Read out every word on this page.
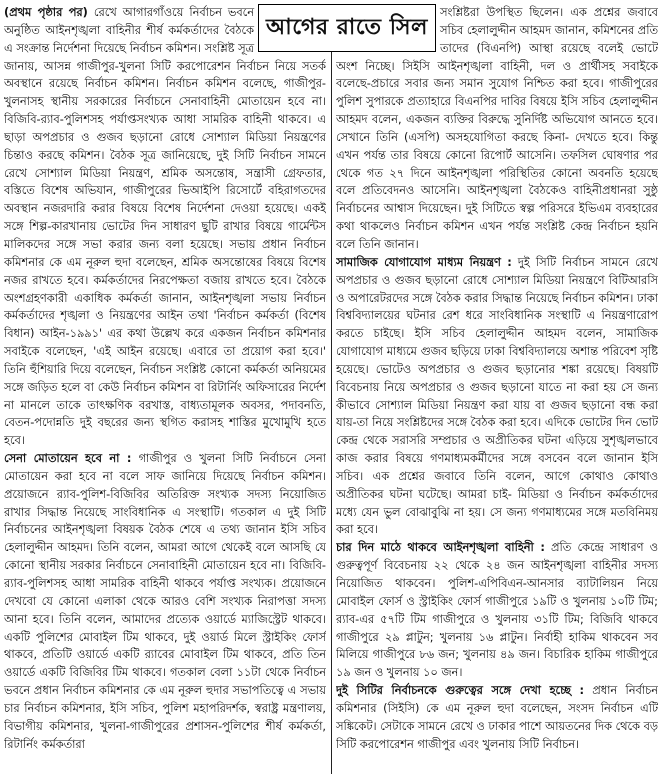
(প্রথম পৃষ্ঠার পর) রেখে আগারগাঁওয়ে নির্বাচন ভবনে অনুষ্ঠিত আইনশৃঙ্খলা বাহিনীর শীর্ষ কর্মকর্তাদের বৈঠকে এ সংক্রান্ত নির্দেশনা দিয়েছে নির্বাচন কমিশন। সংশ্লিষ্ট সূত্র জানায়, আসন্ন গাজীপুর-খুলনা সিটি করপোরেশন নির্বাচন নিয়ে সতর্ক অবস্থানে রয়েছে নির্বাচন কমিশন। নির্বাচন কমিশন বলেছে, গাজীপুর-খুলনাসহ স্থানীয় সরকারের নির্বাচনে সেনাবাহিনী মোতায়েন হবে না। বিজিবি-র‍্যাব-পুলিশসহ পর্যাপ্তসংখ্যক আধা সামরিক বাহিনী থাকবে। এ ছাড়া অপপ্রচার ও গুজব ছড়ানো রোধে সোশ্যাল মিডিয়া নিয়ন্ত্রণের চিন্তাও করছে কমিশন। বৈঠক সূত্র জানিয়েছে, দুই সিটি নির্বাচন সামনে রেখে সোশ্যাল মিডিয়া নিয়ন্ত্রণ, শ্রমিক অসন্তোষ, সন্ত্রাসী গ্রেফতার, বস্তিতে বিশেষ অভিযান, গাজীপুরের ভিআইপি রিসোর্টে বহিরাগতদের অবস্থান নজরদারি করার বিষয়ে বিশেষ নির্দেশনা দেওয়া হয়েছে। একই সঙ্গে শিল্প-কারখানায় ভোটের দিন সাধারণ ছুটি রাখার বিষয়ে গার্মেন্টস মালিকদের সঙ্গে সভা করার জন্য বলা হয়েছে। সভায় প্রধান নির্বাচন কমিশনার কে এম নূরুল হুদা বলেছেন, শ্রমিক অসন্তোষের বিষয়ে বিশেষ নজর রাখতে হবে। কর্মকর্তাদের নিরপেক্ষতা বজায় রাখতে হবে। বৈঠকে অংশগ্রহণকারী একাধিক কর্মকর্তা জানান, আইনশৃঙ্খলা সভায় নির্বাচন কর্মকর্তাদের শৃঙ্খলা ও নিয়ন্ত্রণের আইন তথা 'নির্বাচন কর্মকর্তা (বিশেষ বিধান) আইন-১৯৯১' এর কথা উল্লেখ করে একজন নির্বাচন কমিশনার সবাইকে বলেছেন, 'এই আইন রয়েছে। এবারে তা প্রয়োগ করা হবে।' তিনি হুঁশিয়ারি দিয়ে বলেছেন, নির্বাচন সংশ্লিষ্ট কোনো কর্মকর্তা অনিয়মের সঙ্গে জড়িত হলে বা কেউ নির্বাচন কমিশন বা রিটার্নিং অফিসারের নির্দেশ না মানলে তাকে তাৎক্ষণিক বরখাস্ত, বাধ্যতামূলক অবসর, পদাবনতি, বেতন-পদোন্নতি দুই বছরের জন্য স্থগিত করাসহ শাস্তির মুখোমুখি হতে হবে।

সেনা মোতায়েন হবে না : গাজীপুর ও খুলনা সিটি নির্বাচনে সেনা মোতায়েন করা হবে না বলে সাফ জানিয়ে দিয়েছে নির্বাচন কমিশন। প্রয়োজনে র‍্যাব-পুলিশ-বিজিবির অতিরিক্ত সংখ্যক সদস্য নিয়োজিত রাখার সিদ্ধান্ত নিয়েছে সাংবিধানিক এ সংস্থাটি। গতকাল এ দুই সিটি নির্বাচনের আইনশৃঙ্খলা বিষয়ক বৈঠক শেষে এ তথ্য জানান ইসি সচিব হেলালুদ্দীন আহমদ। তিনি বলেন, আমরা আগে থেকেই বলে আসছি যে কোনো স্থানীয় সরকার নির্বাচনে সেনাবাহিনী মোতায়েন হবে না। বিজিবি-র‍্যাব-পুলিশসহ আধা সামরিক বাহিনী থাকবে পর্যাপ্ত সংখ্যক। প্রয়োজনে দেখবো যে কোনো এলাকা থেকে আরও বেশি সংখ্যক নিরাপত্তা সদস্য আনা হবে। তিনি বলেন, আমাদের প্রত্যেক ওয়ার্ডে ম্যাজিস্ট্রেট থাকবে। একটি পুলিশের মোবাইল টিম থাকবে, দুই ওয়ার্ড মিলে স্ট্রাইকিং ফোর্স থাকবে, প্রতিটি ওয়ার্ডে একটি র‍্যাবের মোবাইল টিম থাকবে, প্রতি তিন ওয়ার্ডে একটি বিজিবির টিম থাকবে। গতকাল বেলা ১১টা থেকে নির্বাচন ভবনে প্রধান নির্বাচন কমিশনার কে এম নূরুল হুদার সভাপতিত্বে এ সভায় চার নির্বাচন কমিশনার, ইসি সচিব, পুলিশ মহাপরিদর্শক, স্বরাষ্ট্র মন্ত্রণালয়, বিভাগীয় কমিশনার, খুলনা-গাজীপুরের প্রশাসন-পুলিশের শীর্ষ কর্মকর্তা, রিটার্নিং কর্মকর্তারা

সংশ্লিষ্টরা উপস্থিত ছিলেন। এক প্রশ্নের জবাবে সচিব হেলালুদ্দীন আহমদ জানান, কমিশনের প্রতি তাদের (বিএনপি) আস্থা রয়েছে বলেই ভোটে অংশ নিচ্ছে। সিইসি আইনশৃঙ্খলা বাহিনী, দল ও প্রার্থীসহ সবাইকে বলেছে-প্রচারে সবার জন্য সমান সুযোগ নিশ্চিত করা হবে। গাজীপুরের পুলিশ সুপারকে প্রত্যাহারে বিএনপির দাবির বিষয়ে ইসি সচিব হেলালুদ্দীন আহমদ বলেন, একজন ব্যক্তির বিরুদ্ধে সুনির্দিষ্ট অভিযোগ আনতে হবে। সেখানে তিনি (এসপি) অসহযোগিতা করছে কিনা- দেখতে হবে। কিন্তু এখন পর্যন্ত তার বিষয়ে কোনো রিপোর্ট আসেনি। তফসিল ঘোষণার পর থেকে গত ২৭ দিনে আইনশৃঙ্খলা পরিস্থিতির কোনো অবনতি হয়েছে বলে প্রতিবেদনও আসেনি। আইনশৃঙ্খলা বৈঠকেও বাহিনীপ্রধানরা সুষ্ঠু নির্বাচনের আশ্বাস দিয়েছেন। দুই সিটিতে স্বল্প পরিসরে ইভিএম ব্যবহারের কথা থাকলেও নির্বাচন কমিশন এখন পর্যন্ত সংশ্লিষ্ট কেন্দ্র নির্বাচন হয়নি বলে তিনি জানান।

সামাজিক যোগাযোগ মাধ্যম নিয়ন্ত্রণ : দুই সিটি নির্বাচন সামনে রেখে অপপ্রচার ও গুজব ছড়ানো রোধে সোশ্যাল মিডিয়া নিয়ন্ত্রণে বিটিআরসি ও অপারেটরদের সঙ্গে বৈঠক করার সিদ্ধান্ত নিয়েছে নির্বাচন কমিশন। ঢাকা বিশ্ববিদ্যালয়ের ঘটনার রেশ ধরে সাংবিধানিক সংস্থাটি এ নিয়ন্ত্রণারোপ করতে চাইছে। ইসি সচিব হেলালুদ্দীন আহমদ বলেন, সামাজিক যোগাযোগ মাধ্যমে গুজব ছড়িয়ে ঢাকা বিশ্ববিদ্যালয়ে অশান্ত পরিবেশ সৃষ্টি হয়েছে। ভোটেও অপপ্রচার ও গুজব ছড়ানোর শঙ্কা রয়েছে। বিষয়টি বিবেচনায় নিয়ে অপপ্রচার ও গুজব ছড়ানো যাতে না করা হয় সে জন্য কীভাবে সোশ্যাল মিডিয়া নিয়ন্ত্রণ করা যায় বা গুজব ছড়ানো বন্ধ করা যায়-তা নিয়ে সংশ্লিষ্টদের সঙ্গে বৈঠক করা হবে। এদিকে ভোটের দিন ভোট কেন্দ্র থেকে সরাসরি সম্প্রচার ও অপ্রীতিকর ঘটনা এড়িয়ে সুশৃঙ্খলভাবে কাজ করার বিষয়ে গণমাধ্যমকর্মীদের সঙ্গে বসবেন বলে জানান ইসি সচিব। এক প্রশ্নের জবাবে তিনি বলেন, আগে কোথাও কোথাও অপ্রীতিকর ঘটনা ঘটেছে। আমরা চাই- মিডিয়া ও নির্বাচন কর্মকর্তাদের মধ্যে যেন ভুল বোঝাবুঝি না হয়। সে জন্য গণমাধ্যমের সঙ্গে মতবিনিময় করা হবে।

চার দিন মাঠে থাকবে আইনশৃঙ্খলা বাহিনী : প্রতি কেন্দ্রে সাধারণ ও গুরুত্বপূর্ণ বিবেচনায় ২২ থেকে ২৪ জন আইনশৃঙ্খলা বাহিনীর সদস্য নিয়োজিত থাকবেন। পুলিশ-এপিবিএন-আনসার ব্যাটালিয়ন নিয়ে মোবাইল ফোর্স ও স্ট্রাইকিং ফোর্স গাজীপুরে ১৯টি ও খুলনায় ১০টি টিম; র‍্যাব-এর ৫৭টি টিম গাজীপুরে ও খুলনায় ৩১টি টিম; বিজিবি থাকবে গাজীপুরে ২৯ প্লাটুন; খুলনায় ১৬ প্লাটুন। নির্বাহী হাকিম থাকবেন সব মিলিয়ে গাজীপুরে ৮৬ জন; খুলনায় ৪৯ জন। বিচারিক হাকিম গাজীপুরে ১৯ জন ও খুলনায় ১০ জন।

দুই সিটির নির্বাচনকে গুরুত্বের সঙ্গে দেখা হচ্ছে : প্রধান নির্বাচন কমিশনার (সিইসি) কে এম নূরুল হুদা বলেছেন, সংসদ নির্বাচন এটি সঙ্কিকেট। সেটাকে সামনে রেখে ও ঢাকার পাশে আয়তনের দিক থেকে বড় সিটি করপোরেশন গাজীপুর এবং খুলনায় সিটি নির্বাচন।

আগের রাতে সিল
